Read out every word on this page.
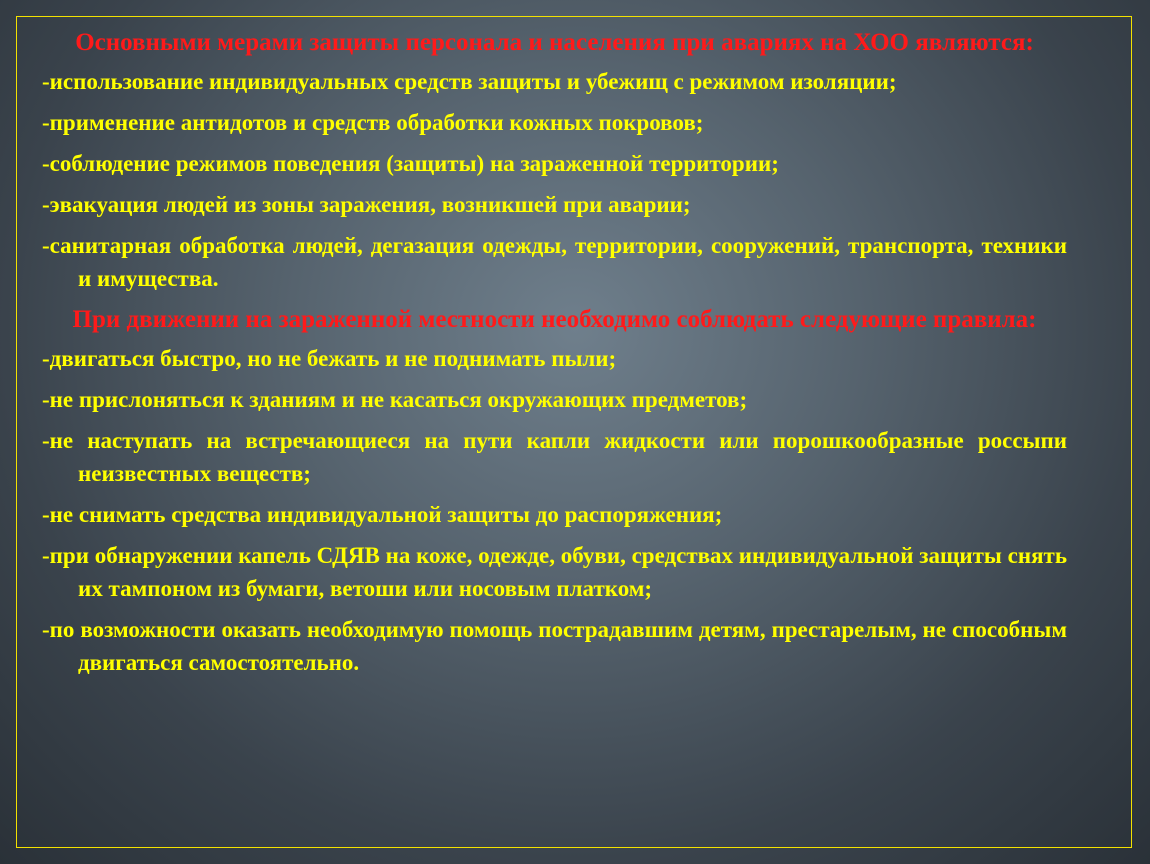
Основными мерами защиты персонала и населения при авариях на ХОО являются:
-использование индивидуальных средств защиты и убежищ с режимом изоляции;
-применение антидотов и средств обработки кожных покровов;
-соблюдение режимов поведения (защиты) на зараженной территории;
-эвакуация людей из зоны заражения, возникшей при аварии;
-санитарная обработка людей, дегазация одежды, территории, сооружений, транспорта, техники и имущества.
При движении на зараженной местности необходимо соблюдать следующие правила:
-двигаться быстро, но не бежать и не поднимать пыли;
-не прислоняться к зданиям и не касаться окружающих предметов;
-не наступать на встречающиеся на пути капли жидкости или порошкообразные россыпи неизвестных веществ;
-не снимать средства индивидуальной защиты до распоряжения;
-при обнаружении капель СДЯВ на коже, одежде, обуви, средствах индивидуальной защиты снять их тампоном из бумаги, ветоши или носовым платком;
-по возможности оказать необходимую помощь пострадавшим детям, престарелым, не способным двигаться самостоятельно.
